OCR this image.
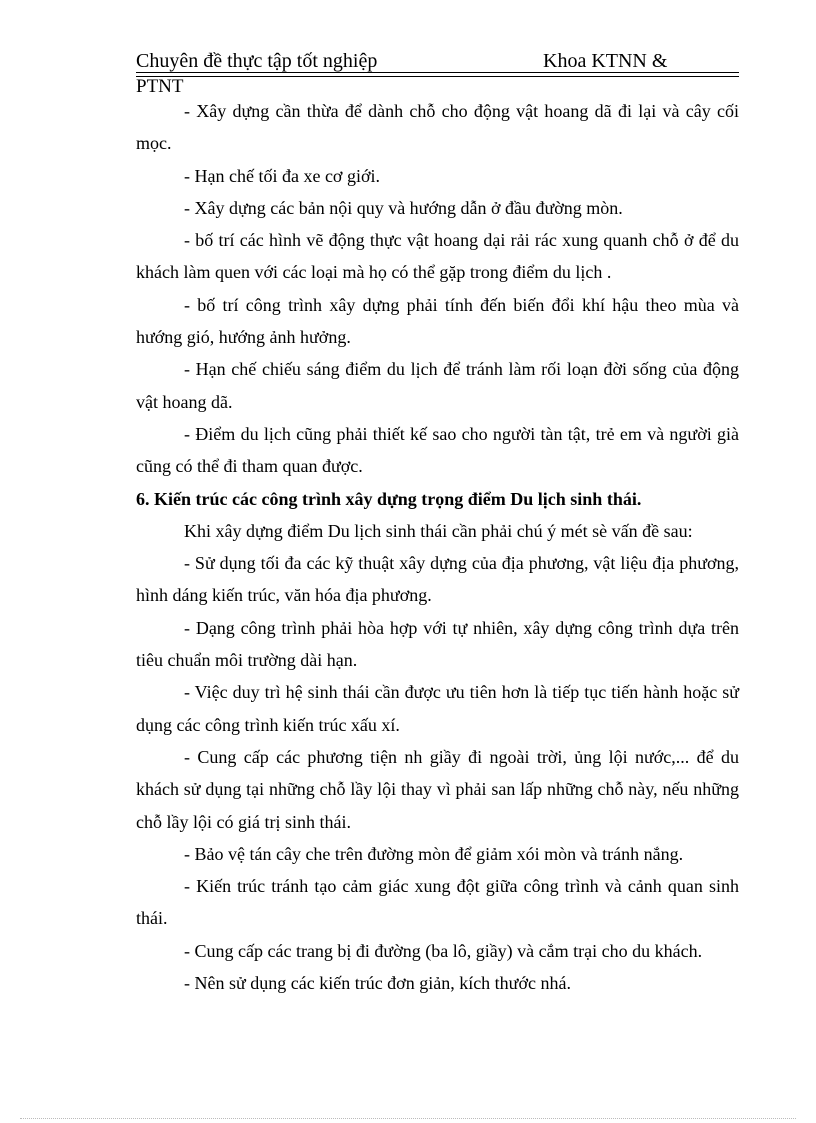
Chuyên đề thực tập tốt nghiệp	Khoa KTNN &
PTNT

- Xây dựng cần thừa để dành chỗ cho động vật hoang dã đi lại và cây cối mọc.

- Hạn chế tối đa xe cơ giới.

- Xây dựng các bản nội quy và hướng dẫn ở đầu đường mòn.

- bố trí các hình vẽ động thực vật hoang dại rải rác xung quanh chỗ ở để du khách làm quen với các loại mà họ có thể gặp trong điểm du lịch .

- bố trí công trình xây dựng phải tính đến biến đổi khí hậu theo mùa và hướng gió, hướng ảnh hưởng.

- Hạn chế chiếu sáng điểm du lịch để tránh làm rối loạn đời sống của động vật hoang dã.

- Điểm du lịch cũng phải thiết kế sao cho người tàn tật, trẻ em và người già cũng có thể đi tham quan được.

6. Kiến trúc các công trình xây dựng trọng điểm Du lịch sinh thái.

Khi xây dựng điểm Du lịch sinh thái cần phải chú ý mét sè vấn đề sau:

- Sử dụng tối đa các kỹ thuật xây dựng của địa phương, vật liệu địa phương, hình dáng kiến trúc, văn hóa địa phương.

- Dạng công trình phải hòa hợp với tự nhiên, xây dựng công trình dựa trên tiêu chuẩn môi trường dài hạn.

- Việc duy trì hệ sinh thái cần được ưu tiên hơn là tiếp tục tiến hành hoặc sử dụng các công trình kiến trúc xấu xí.

- Cung cấp các phương tiện nh giầy đi ngoài trời, ủng lội nước,... để du khách sử dụng tại những chỗ lầy lội thay vì phải san lấp những chỗ này, nếu những chỗ lầy lội có giá trị sinh thái.

- Bảo vệ tán cây che trên đường mòn để giảm xói mòn và tránh nắng.

- Kiến trúc tránh tạo cảm giác xung đột giữa công trình và cảnh quan sinh thái.

- Cung cấp các trang bị đi đường (ba lô, giầy) và cắm trại cho du khách.

- Nên sử dụng các kiến trúc đơn giản, kích thước nhá.
